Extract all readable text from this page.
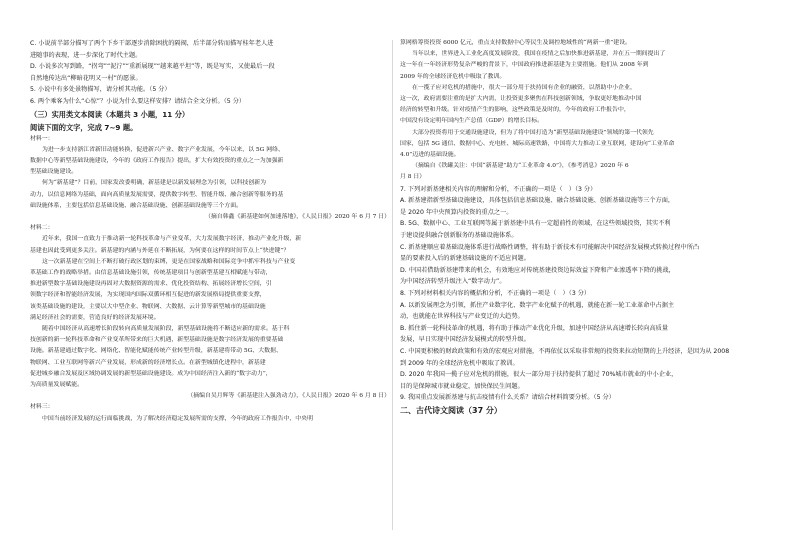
C. 小说前半部分描写了两个下乡干部逐步消除困扰的隔阂，后半部分转而描写桂年老人进
进随事的表现，进一步深化了时代主题。
D. 小说多次写到路，“拐弯”“泥泞”“重新展现”“越来越平坦”等，既是写实，又使最后一段
自然地传达出“柳暗花明又一村”的愿景。
5. 小说中有多处景物描写，请分析其功能。（5 分）
6. 两个乘客为什么“心惊”？小说为什么要这样安排？请结合全文分析。（5 分）
（三）实用类文本阅读（本题共 3 小题，11 分）
阅读下面的文字，完成 7~9 题。
材料一：
为进一步支持浙江省新旧动能转换，促进新兴产业、数字产业发展，今年以来，以 5G 网络、
数据中心等新型基础设施建设，今年的《政府工作报告》提出，扩大有效投资的重点之一为加强新
型基础设施建设。
何为“新基建”？目前，国家发改委明确，新基建是以新发展理念为引领，以科技创新为
动力，以信息网络为基础，面向高质量发展需要，提供数字转型、智能升级、融合创新等服务的基
础设施体系，主要包括信息基础设施、融合基础设施、创新基础设施等三个方面。
（摘自韩鑫《新基建如何加速落地》，《人民日报》2020 年 6 月 7 日）
材料二：
近年来，我国一直致力于推动新一轮科技革命与产业变革，大力发展数字经济，推动产业化升级，新
基建也因此受到更多关注。新基建的内涵与外延在不断拓展，为何要在这样的时间节点上“快进键”？
这一次新基建在空间上不断打破行政区划的束缚，更是在国家战略和国际竞争中抓牢科技与产业变
革基础工作的战略举措。由信息基础设施引领，传统基建项目与创新型基建互相赋能与带动，
推进新型数字基础设施建设再固对大数据资源的需求、优化投资结构、拓展经济增长空间，引
领数字经济和智能经济发展，为实现国内国际双循环相互促进的新发展格局提供重要支撑，
该类基础设施的建设，主要以大中型企业、物联网、大数据、云计算等新型城市的基础设施
满足经济社会的需要，营造良好的经济发展环境。
随着中国经济从高速增长阶段转向高质量发展阶段，新型基础设施将不断适应新的需求。基于科
技创新的新一轮科技革命和产业变革所带来的巨大机遇，新型基础设施是数字经济发展的重要基础
设施。新基建通过数字化、网络化、智能化赋能传统产业转型升级，新基建将带动 5G、大数据、
物联网、工业互联网等新兴产业发展，形成新的经济增长点。在新型城镇化进程中，新基建
促进城乡融合发展及区域协调发展的新型基础设施建设。成为中国经济注入新的“数字动力”，
为高质量发展赋能。
（摘编自吴月辉等《新基建注入强劲动力》，《人民日报》2020 年 6 月 8 日）
材料三：
中国当前经济发展的运行面临挑战，为了解决经济稳定发展所需的支撑，今年的政府工作报告中，中央明
算网格筹资投资 6000 亿元，重点支持数据中心等民生及调控地域性的“两新一重”建设。
当年以来，世界进入工业化高度发展阶段，我国在疫情之后加快推进新基建，并在五一期间提出了
这一年在一年经济形势复杂严峻的背景下，中国政府推进新基建为主要措施。他们从 2008 年到
2009 年的全球经济危机中吸取了教训。
在一揽子应对危机的措施中，很大一部分用于扶持国有企业的融资，以帮助中小企业，
这一次，政府需要注重的是扩大内需，让投资更多聚焦在科技创新领域，争取更好地推动中国
经济的转型和升级。针对疫情产生的影响，这些政策是及时的，今年的政府工作报告中，
中国没有设定明年国内生产总值（GDP）的增长目标。
大部分投资将用于交通设施建设，但为了将中国打造为“新型基础设施建设”领域的第一代领先
国家，包括 5G 通信、数据中心、充电桩、城际高速铁路，中国将大力推动工业互联网，建设向“工业革命
4.0”迈进的基础设施。
（摘编自《铁罐关注：中国“新基建”助力“工业革命 4.0”》，《参考消息》2020 年 6
月 8 日）
7. 下列对新基建相关内容的理解和分析，不正确的一项是（　）（3 分）
A. 新基建指新型基础设施建设，具体包括信息基础设施、融合基础设施、创新基础设施等三个方面，
是 2020 年中央预算内投资的重点之一。
B. 5G、数据中心、工业互联网等属于新基建中具有一定超前性的领域，在这些领域投资，其实不利
于建设提供融合创新服务的基础设施体系。
C. 新基建顺应着基础设施体系进行战略性调整，将有助于新技术有可能解决中国经济发展模式转换过程中所凸
显的要素投入后的新建基础设施的不适应问题。
D. 中国若借助新基建带来的机会，有效地应对传统基建投资边际效益下降和产业渗透率下降的挑战，
为中国经济转型升级注入“数字动力”。
8. 下列对材料相关内容的概括和分析，不正确的一项是（　）（3 分）
A. 以新发展理念为引领，抓住产业数字化、数字产业化赋予的机遇，就能在新一轮工业革命中占据主
动，也就能在世界科技与产业变迁的大趋势。
B. 抓住新一轮科技革命的机遇，将有助于推动产业优化升级，加速中国经济从高速增长转向高质量
发展，早日实现中国经济发展模式的转型升级。
C. 中国更积极的财政政策和有效的宏观应对措施，不再依仗以采取非常规的投资来拉动短期的上升经济，是因为从 2008
到 2009 年的全球经济危机中吸取了教训。
D. 2020 年我国一揽子应对危机的措施，很大一部分用于扶持提供了超过 70%城市就业的中小企业，
目的是保障城市就业稳定，加快保民生问题。
9. 我国重点发展新基建与抗击疫情有什么关系？请结合材料简要分析。（5 分）
二、古代诗文阅读（37 分）
